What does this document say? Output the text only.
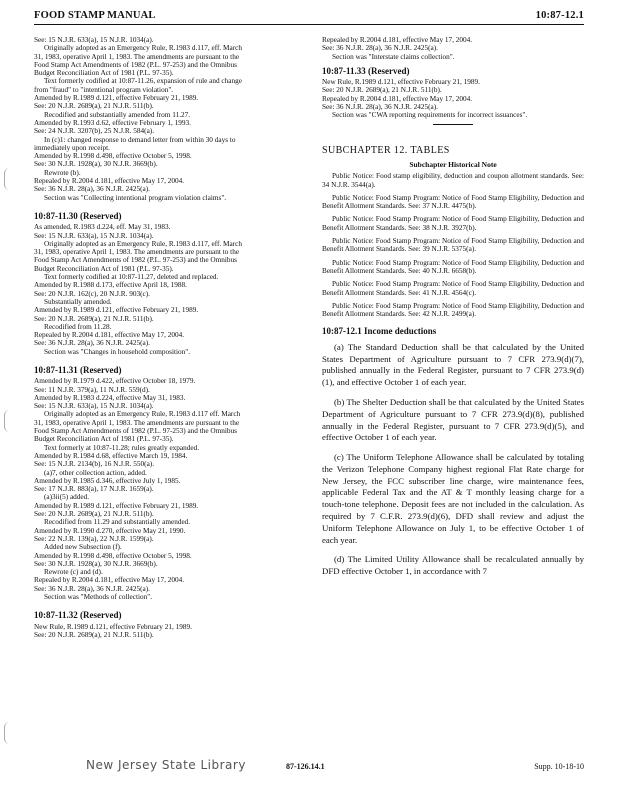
FOOD STAMP MANUAL	10:87-12.1

See: 15 N.J.R. 633(a), 15 N.J.R. 1034(a).

Originally adopted as an Emergency Rule, R.1983 d.117, eff. March

31, 1983, operative April 1, 1983. The amendments are pursuant to the

Food Stamp Act Amendments of 1982 (P.L. 97-253) and the Omnibus

Budget Reconciliation Act of 1981 (P.L. 97-35).

Text formerly codified at 10:87-11.26, expansion of rule and change

from "fraud" to "intentional program violation".

Amended by R.1989 d.121, effective February 21, 1989.

See: 20 N.J.R. 2689(a), 21 N.J.R. 511(b).

Recodified and substantially amended from 11.27.

Amended by R.1993 d.62, effective February 1, 1993.

See: 24 N.J.R. 3207(b), 25 N.J.R. 584(a).

In (c)1: changed response to demand letter from within 30 days to

immediately upon receipt.

Amended by R.1998 d.498, effective October 5, 1998.

See: 30 N.J.R. 1928(a), 30 N.J.R. 3669(b).

Rewrote (b).

Repealed by R.2004 d.181, effective May 17, 2004.

See: 36 N.J.R. 28(a), 36 N.J.R. 2425(a).

Section was "Collecting intentional program violation claims".

10:87-11.30 (Reserved)

As amended, R.1983 d.224, eff. May 31, 1983.

See: 15 N.J.R. 633(a), 15 N.J.R. 1034(a).

Originally adopted as an Emergency Rule, R.1983 d.117, eff. March

31, 1983, operative April 1, 1983. The amendments are pursuant to the

Food Stamp Act Amendments of 1982 (P.L. 97-253) and the Omnibus

Budget Reconciliation Act of 1981 (P.L. 97-35).

Text formerly codified at 10:87-11.27, deleted and replaced.

Amended by R.1988 d.173, effective April 18, 1988.

See: 20 N.J.R. 162(c), 20 N.J.R. 903(c).

Substantially amended.

Amended by R.1989 d.121, effective February 21, 1989.

See: 20 N.J.R. 2689(a), 21 N.J.R. 511(b).

Recodified from 11.28.

Repealed by R.2004 d.181, effective May 17, 2004.

See: 36 N.J.R. 28(a), 36 N.J.R. 2425(a).

Section was "Changes in household composition".

10:87-11.31 (Reserved)

Amended by R.1979 d.422, effective October 18, 1979.

See: 11 N.J.R. 379(a), 11 N.J.R. 559(d).

Amended by R.1983 d.224, effective May 31, 1983.

See: 15 N.J.R. 633(a), 15 N.J.R. 1034(a).

Originally adopted as an Emergency Rule, R.1983 d.117 eff. March

31, 1983, operative April 1, 1983. The amendments are pursuant to the

Food Stamp Act Amendments of 1982 (P.L. 97-253) and the Omnibus

Budget Reconciliation Act of 1981 (P.L. 97-35).

Text formerly at 10:87-11.28; rules greatly expanded.

Amended by R.1984 d.68, effective March 19, 1984.

See: 15 N.J.R. 2134(b), 16 N.J.R. 550(a).

(a)7, other collection action, added.

Amended by R.1985 d.346, effective July 1, 1985.

See: 17 N.J.R. 883(a), 17 N.J.R. 1659(a).

(a)3ii(5) added.

Amended by R.1989 d.121, effective February 21, 1989.

See: 20 N.J.R. 2689(a), 21 N.J.R. 511(b).

Recodified from 11.29 and substantially amended.

Amended by R.1990 d.270, effective May 21, 1990.

See: 22 N.J.R. 139(a), 22 N.J.R. 1599(a).

Added new Subsection (f).

Amended by R.1998 d.498, effective October 5, 1998.

See: 30 N.J.R. 1928(a), 30 N.J.R. 3669(b).

Rewrote (c) and (d).

Repealed by R.2004 d.181, effective May 17, 2004.

See: 36 N.J.R. 28(a), 36 N.J.R. 2425(a).

Section was "Methods of collection".

10:87-11.32 (Reserved)

New Rule, R.1989 d.121, effective February 21, 1989.

See: 20 N.J.R. 2689(a), 21 N.J.R. 511(b).

Repealed by R.2004 d.181, effective May 17, 2004.

See: 36 N.J.R. 28(a), 36 N.J.R. 2425(a).

Section was "Interstate claims collection".

10:87-11.33 (Reserved)

New Rule, R.1989 d.121, effective February 21, 1989.

See: 20 N.J.R. 2689(a), 21 N.J.R. 511(b).

Repealed by R.2004 d.181, effective May 17, 2004.

See: 36 N.J.R. 28(a), 36 N.J.R. 2425(a).

Section was "CWA reporting requirements for incorrect issuances".

SUBCHAPTER 12. TABLES
Subchapter Historical Note

Public Notice: Food stamp eligibility, deduction and coupon allotment standards. See: 34 N.J.R. 3544(a).

Public Notice: Food Stamp Program: Notice of Food Stamp Eligibility, Deduction and Benefit Allotment Standards. See: 37 N.J.R. 4475(b).

Public Notice: Food Stamp Program: Notice of Food Stamp Eligibility, Deduction and Benefit Allotment Standards. See: 38 N.J.R. 3927(b).

Public Notice: Food Stamp Program: Notice of Food Stamp Eligibility, Deduction and Benefit Allotment Standards. See: 39 N.J.R. 5375(a).

Public Notice: Food Stamp Program: Notice of Food Stamp Eligibility, Deduction and Benefit Allotment Standards. See: 40 N.J.R. 6658(b).

Public Notice: Food Stamp Program: Notice of Food Stamp Eligibility, Deduction and Benefit Allotment Standards. See: 41 N.J.R. 4564(c).

Public Notice: Food Stamp Program: Notice of Food Stamp Eligibility, Deduction and Benefit Allotment Standards. See: 42 N.J.R. 2499(a).

10:87-12.1 Income deductions

(a) The Standard Deduction shall be that calculated by the United States Department of Agriculture pursuant to 7 CFR 273.9(d)(7), published annually in the Federal Register, pursuant to 7 CFR 273.9(d)(1), and effective October 1 of each year.

(b) The Shelter Deduction shall be that calculated by the United States Department of Agriculture pursuant to 7 CFR 273.9(d)(8), published annually in the Federal Register, pursuant to 7 CFR 273.9(d)(5), and effective October 1 of each year.

(c) The Uniform Telephone Allowance shall be calculated by totaling the Verizon Telephone Company highest regional Flat Rate charge for New Jersey, the FCC subscriber line charge, wire maintenance fees, applicable Federal Tax and the AT & T monthly leasing charge for a touch-tone telephone. Deposit fees are not included in the calculation. As required by 7 C.F.R. 273.9(d)(6), DFD shall review and adjust the Uniform Telephone Allowance on July 1, to be effective October 1 of each year.

(d) The Limited Utility Allowance shall be recalculated annually by DFD effective October 1, in accordance with 7

New Jersey State Library	87-126.14.1	Supp. 10-18-10
